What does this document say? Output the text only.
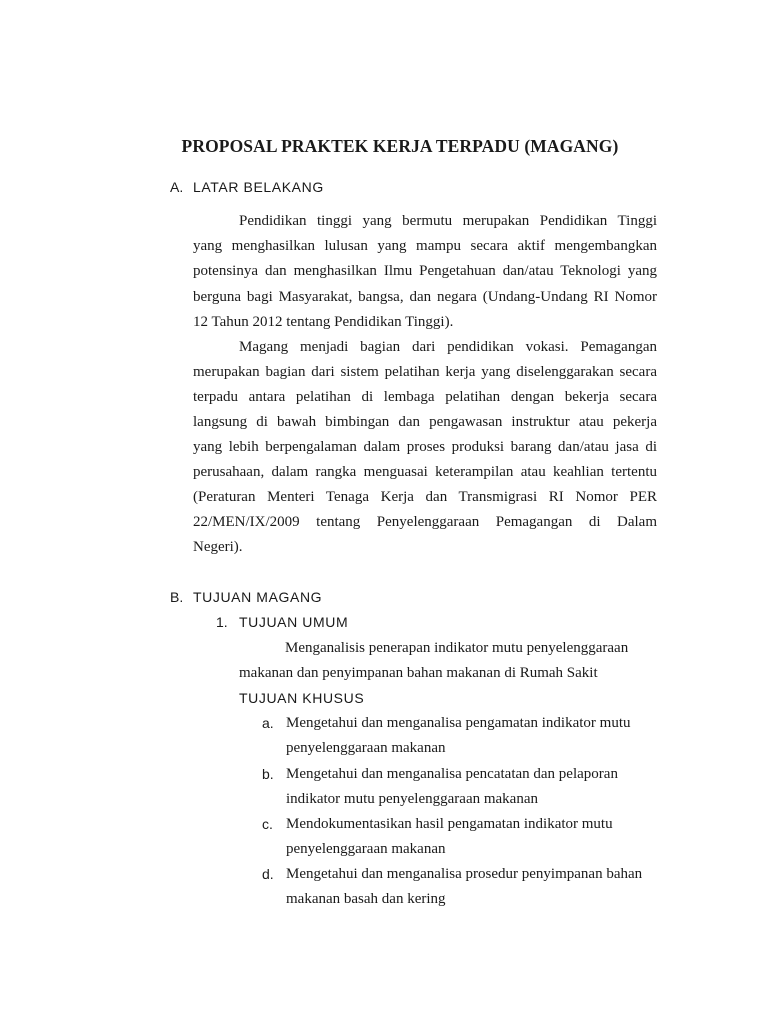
PROPOSAL PRAKTEK KERJA TERPADU (MAGANG)
A. LATAR BELAKANG

Pendidikan tinggi yang bermutu merupakan Pendidikan Tinggi

yang menghasilkan lulusan yang mampu secara aktif mengembangkan

potensinya dan menghasilkan Ilmu Pengetahuan dan/atau Teknologi yang

berguna bagi Masyarakat, bangsa, dan negara (Undang-Undang RI Nomor

12 Tahun 2012 tentang Pendidikan Tinggi).

Magang menjadi bagian dari pendidikan vokasi. Pemagangan

merupakan bagian dari sistem pelatihan kerja yang diselenggarakan secara

terpadu antara pelatihan di lembaga pelatihan dengan bekerja secara

langsung di bawah bimbingan dan pengawasan instruktur atau pekerja

yang lebih berpengalaman dalam proses produksi barang dan/atau jasa di

perusahaan, dalam rangka menguasai keterampilan atau keahlian tertentu

(Peraturan Menteri Tenaga Kerja dan Transmigrasi RI Nomor PER

22/MEN/IX/2009 tentang Penyelenggaraan Pemagangan di Dalam

Negeri).

B. TUJUAN MAGANG

1. TUJUAN UMUM

Menganalisis penerapan indikator mutu penyelenggaraan

makanan dan penyimpanan bahan makanan di Rumah Sakit

TUJUAN KHUSUS

a. Mengetahui dan menganalisa pengamatan indikator mutu

penyelenggaraan makanan

b. Mengetahui dan menganalisa pencatatan dan pelaporan

indikator mutu penyelenggaraan makanan

c. Mendokumentasikan hasil pengamatan indikator mutu

penyelenggaraan makanan

d. Mengetahui dan menganalisa prosedur penyimpanan bahan

makanan basah dan kering
